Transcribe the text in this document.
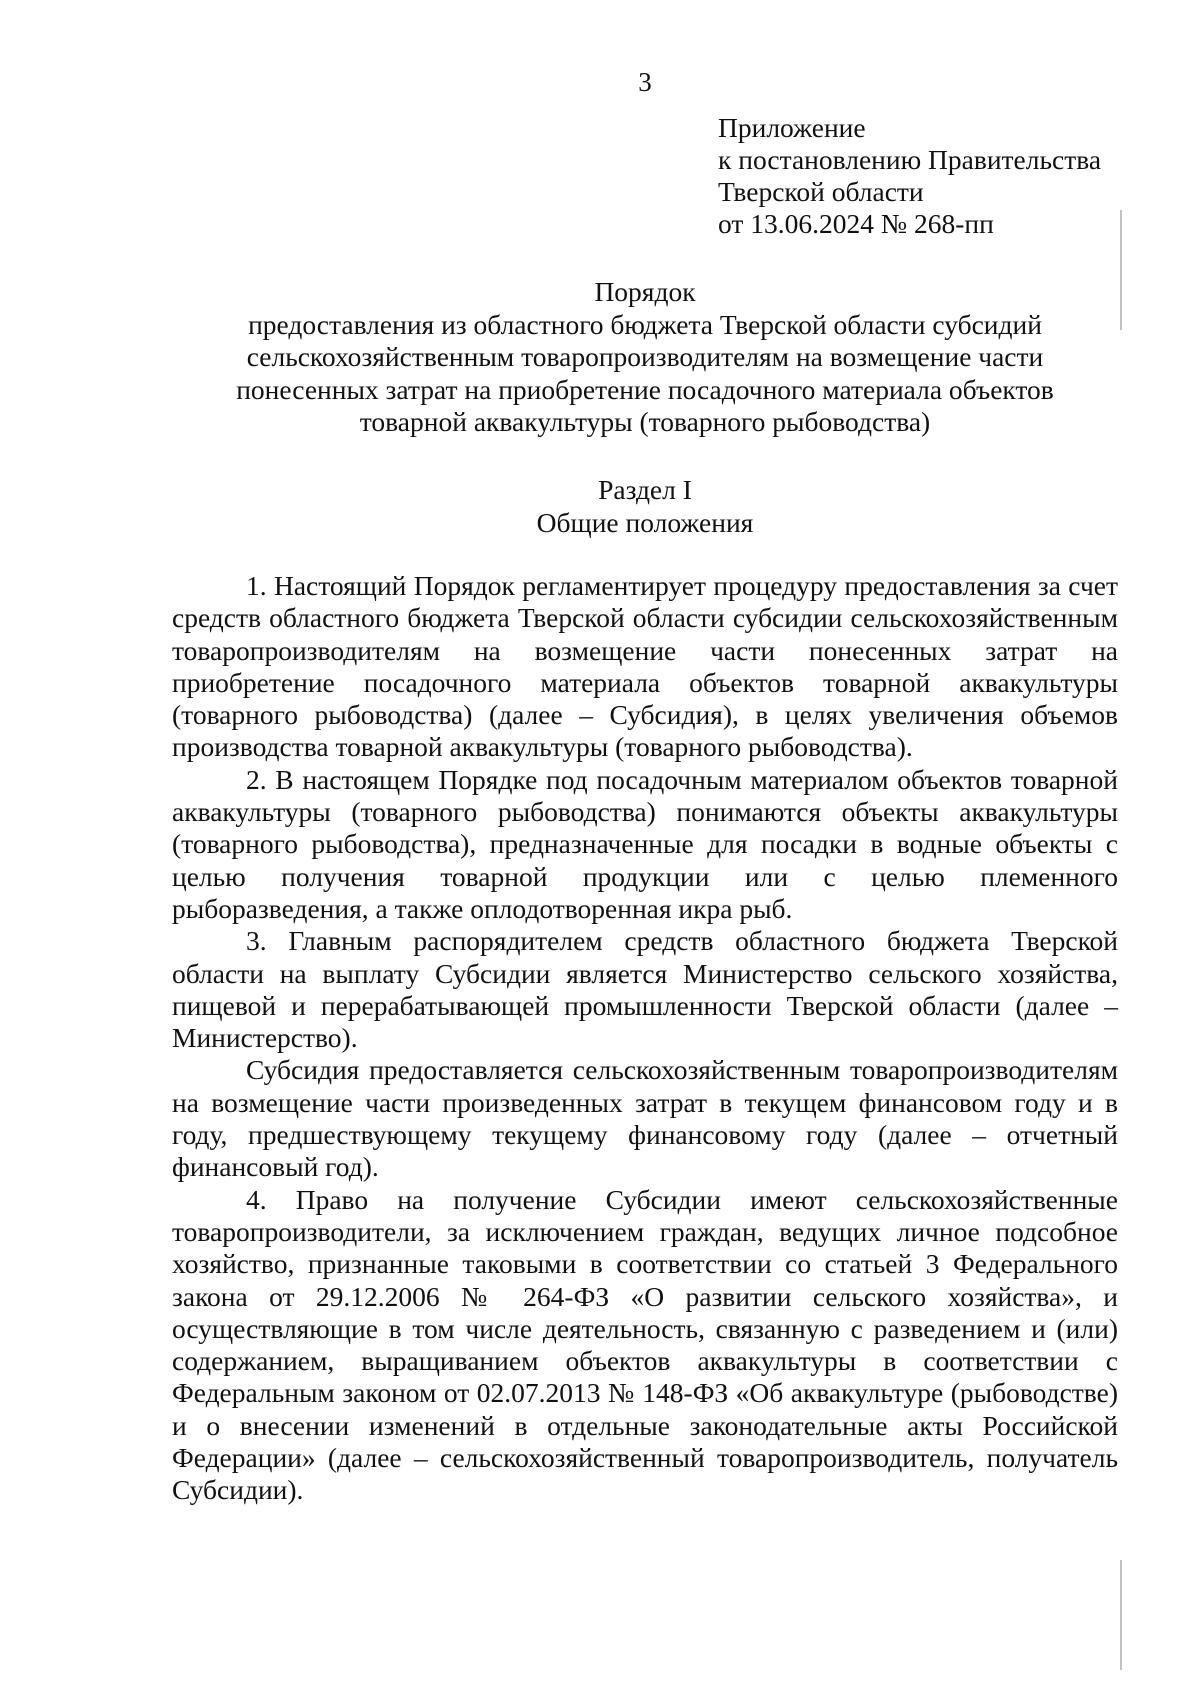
3
Приложение
к постановлению Правительства
Тверской области
от 13.06.2024 № 268-пп
Порядок
предоставления из областного бюджета Тверской области субсидий
сельскохозяйственным товаропроизводителям на возмещение части
понесенных затрат на приобретение посадочного материала объектов
товарной аквакультуры (товарного рыбоводства)
Раздел I
Общие положения

1. Настоящий Порядок регламентирует процедуру предоставления за счет средств областного бюджета Тверской области субсидии сельскохозяйственным товаропроизводителям на возмещение части понесенных затрат на приобретение посадочного материала объектов товарной аквакультуры (товарного рыбоводства) (далее – Субсидия), в целях увеличения объемов производства товарной аквакультуры (товарного рыбоводства).

2. В настоящем Порядке под посадочным материалом объектов товарной аквакультуры (товарного рыбоводства) понимаются объекты аквакультуры (товарного рыбоводства), предназначенные для посадки в водные объекты с целью получения товарной продукции или с целью племенного рыборазведения, а также оплодотворенная икра рыб.

3. Главным распорядителем средств областного бюджета Тверской области на выплату Субсидии является Министерство сельского хозяйства, пищевой и перерабатывающей промышленности Тверской области (далее – Министерство).

Субсидия предоставляется сельскохозяйственным товаропроизводителям на возмещение части произведенных затрат в текущем финансовом году и в году, предшествующему текущему финансовому году (далее – отчетный финансовый год).

4. Право на получение Субсидии имеют сельскохозяйственные товаропроизводители, за исключением граждан, ведущих личное подсобное хозяйство, признанные таковыми в соответствии со статьей 3 Федерального закона от 29.12.2006 № 264-ФЗ «О развитии сельского хозяйства», и осуществляющие в том числе деятельность, связанную с разведением и (или) содержанием, выращиванием объектов аквакультуры в соответствии с Федеральным законом от 02.07.2013 № 148-ФЗ «Об аквакультуре (рыбоводстве) и о внесении изменений в отдельные законодательные акты Российской Федерации» (далее – сельскохозяйственный товаропроизводитель, получатель Субсидии).
